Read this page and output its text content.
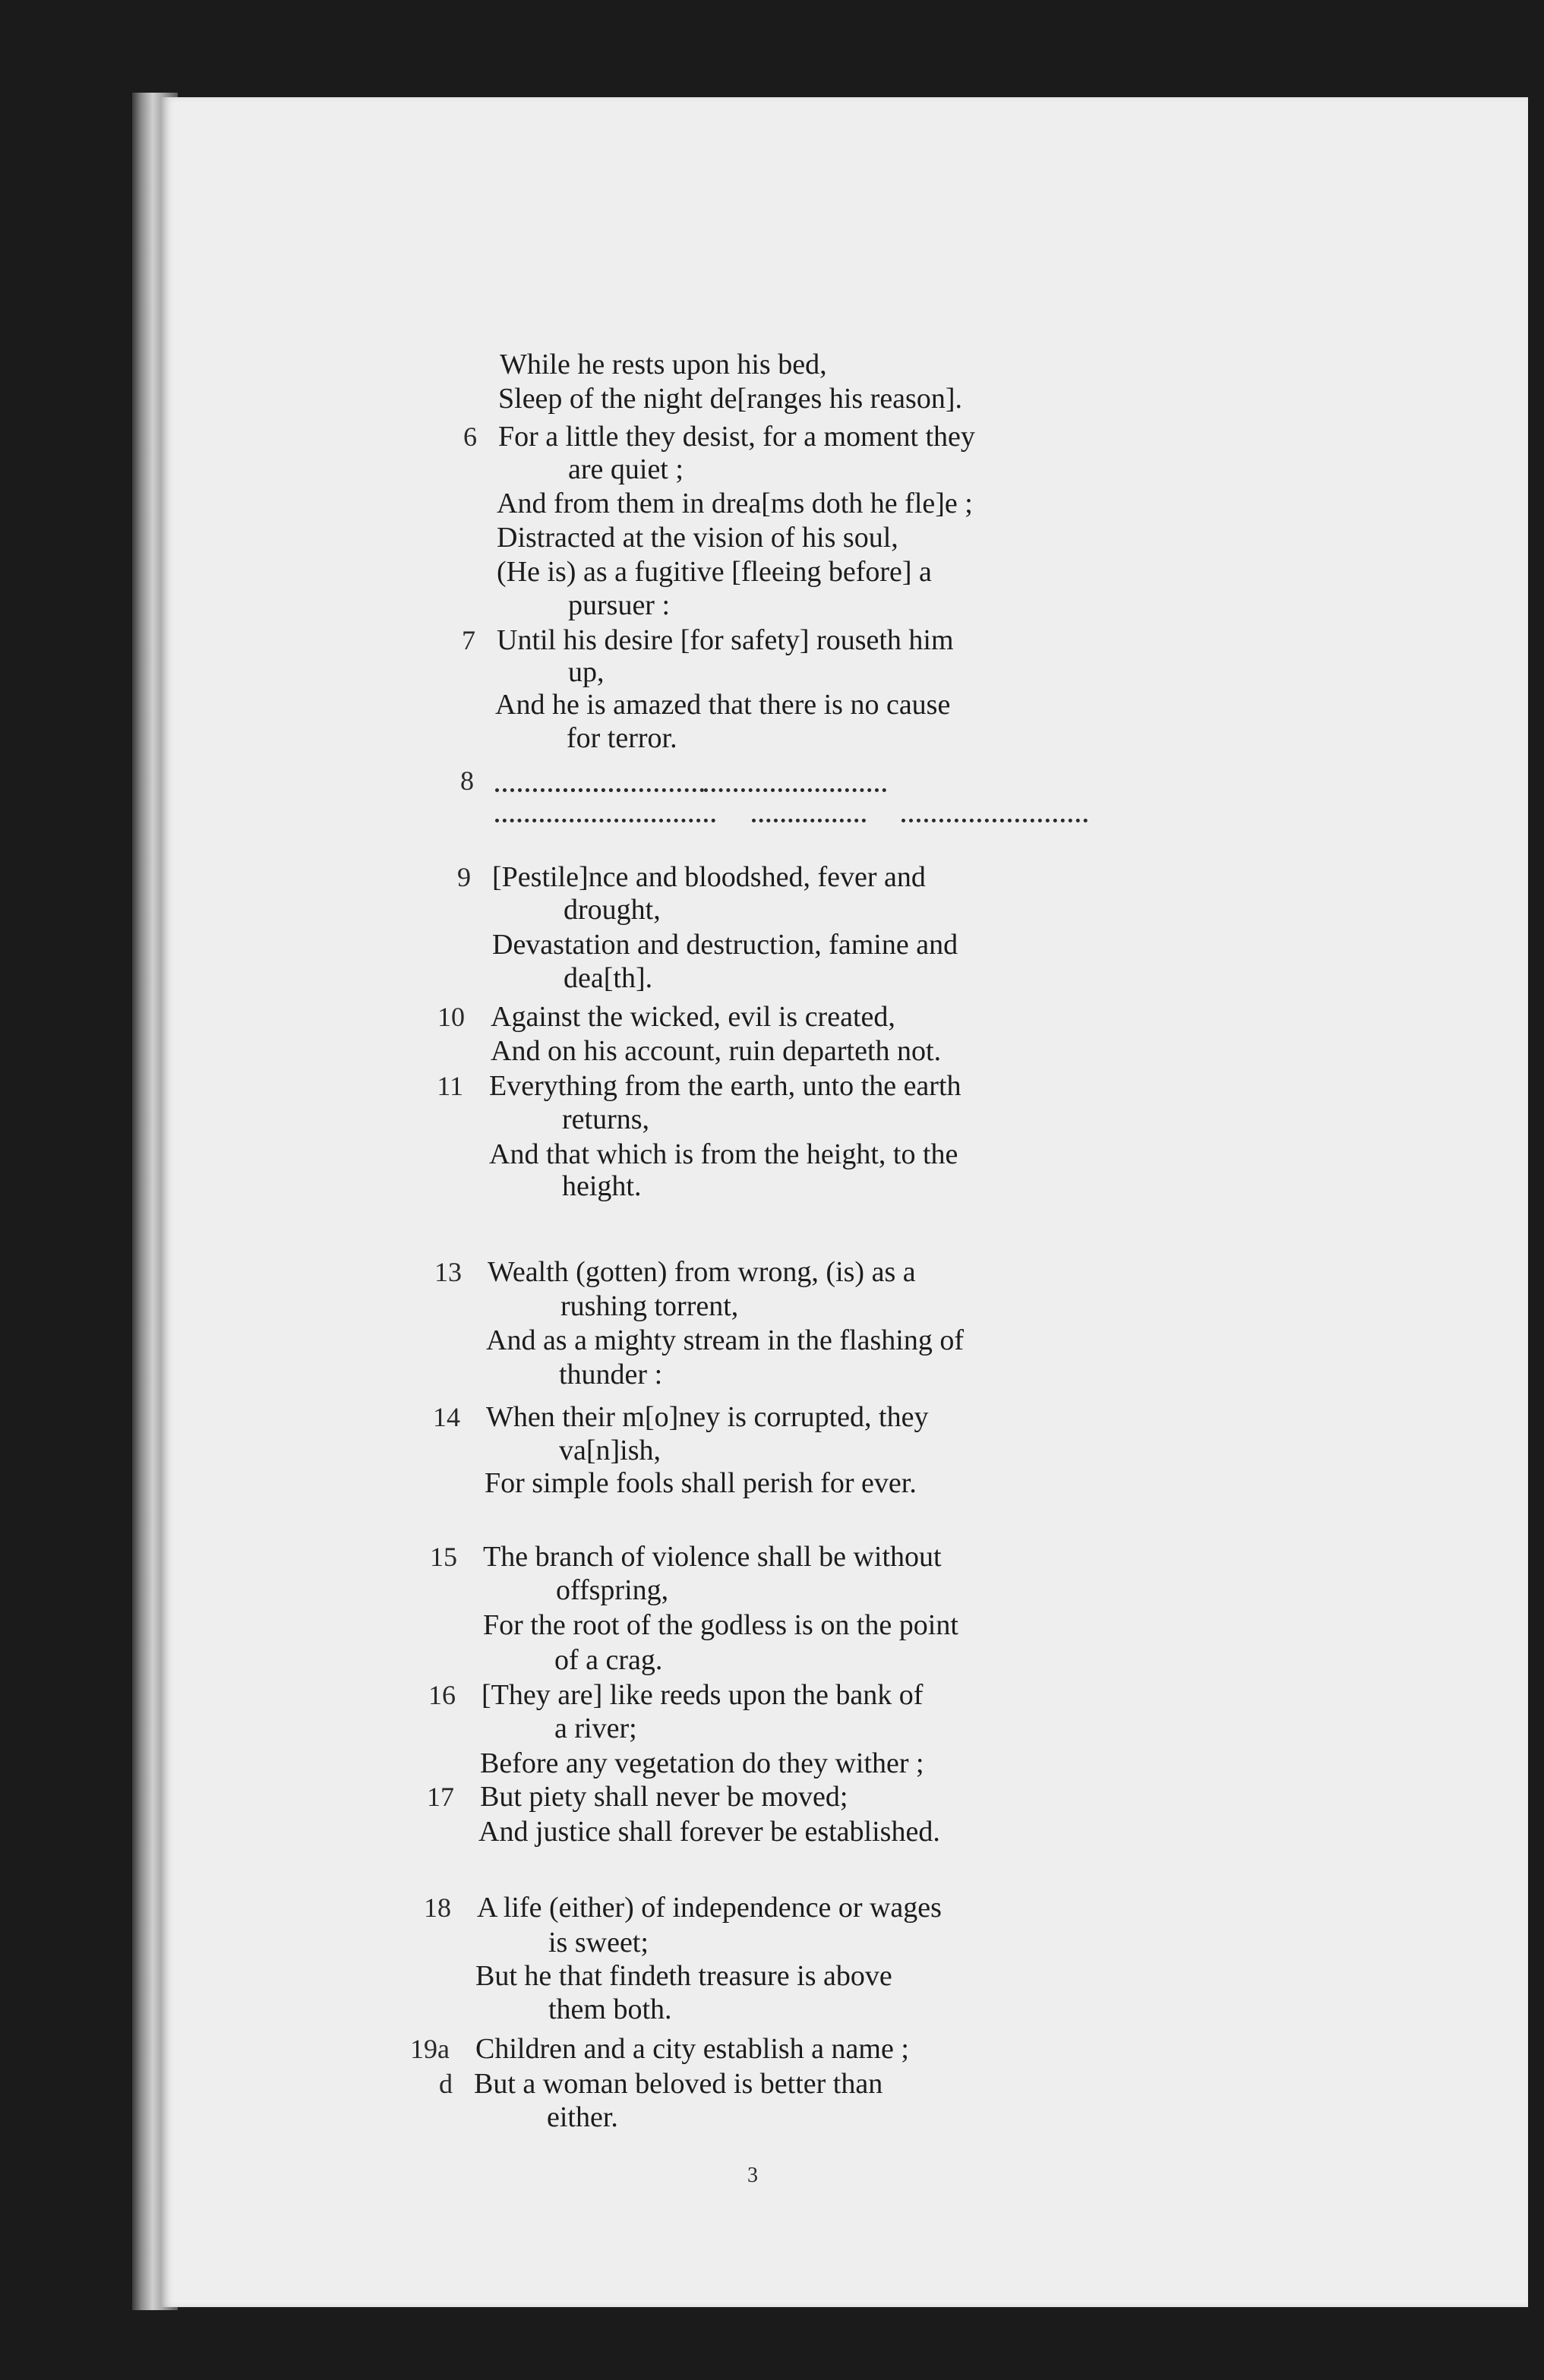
While he rests upon his bed,
Sleep of the night de[ranges his reason].
6 For a little they desist, for a moment they
are quiet ;
And from them in drea[ms doth he fle]e ;
Distracted at the vision of his soul,
(He is) as a fugitive [fleeing before] a
pursuer :
7 Until his desire [for safety] rouseth him
up,
And he is amazed that there is no cause
for terror.
8
9 [Pestile]nce and bloodshed, fever and
drought,
Devastation and destruction, famine and
dea[th].
10 Against the wicked, evil is created,
And on his account, ruin departeth not.
11 Everything from the earth, unto the earth
returns,
And that which is from the height, to the
height.
13 Wealth (gotten) from wrong, (is) as a
rushing torrent,
And as a mighty stream in the flashing of
thunder :
14 When their m[o]ney is corrupted, they
va[n]ish,
For simple fools shall perish for ever.
15 The branch of violence shall be without
offspring,
For the root of the godless is on the point
of a crag.
16 [They are] like reeds upon the bank of
a river;
Before any vegetation do they wither ;
17 But piety shall never be moved;
And justice shall forever be established.
18 A life (either) of independence or wages
is sweet;
But he that findeth treasure is above
them both.
19a Children and a city establish a name ;
d But a woman beloved is better than
either.
3
